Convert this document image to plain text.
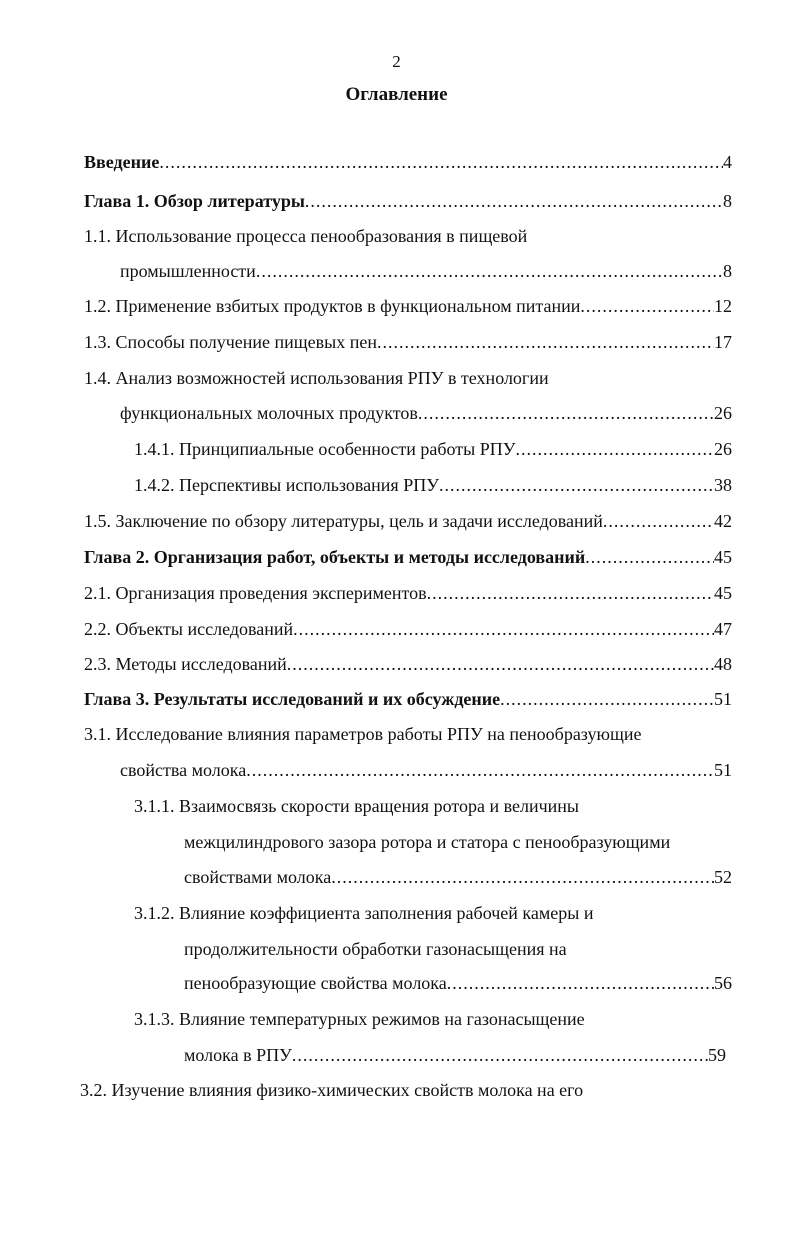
2
Оглавление
Введение .....	4
Глава 1. Обзор литературы .....	8
1.1. Использование процесса пенообразования в пищевой
промышленности .....	8
1.2. Применение взбитых продуктов в функциональном питании .....	12
1.3. Способы получение пищевых пен .....	17
1.4. Анализ возможностей использования РПУ в технологии
функциональных молочных продуктов .....	26
1.4.1. Принципиальные особенности работы РПУ .....	26
1.4.2. Перспективы использования РПУ .....	38
1.5. Заключение по обзору литературы, цель и задачи исследований .....	42
Глава 2. Организация работ, объекты и методы исследований .....	45
2.1. Организация проведения экспериментов .....	45
2.2. Объекты исследований .....	47
2.3. Методы исследований .....	48
Глава 3. Результаты исследований и их обсуждение .....	51
3.1. Исследование влияния параметров работы РПУ на пенообразующие
свойства молока .....	51
3.1.1. Взаимосвязь скорости вращения ротора и величины
межцилиндрового зазора ротора и статора с пенообразующими
свойствами молока .....	52
3.1.2. Влияние коэффициента заполнения рабочей камеры и
продолжительности обработки газонасыщения на
пенообразующие свойства молока .....	56
3.1.3. Влияние температурных режимов на газонасыщение
молока в РПУ .....	59
3.2. Изучение влияния физико-химических свойств молока на его
